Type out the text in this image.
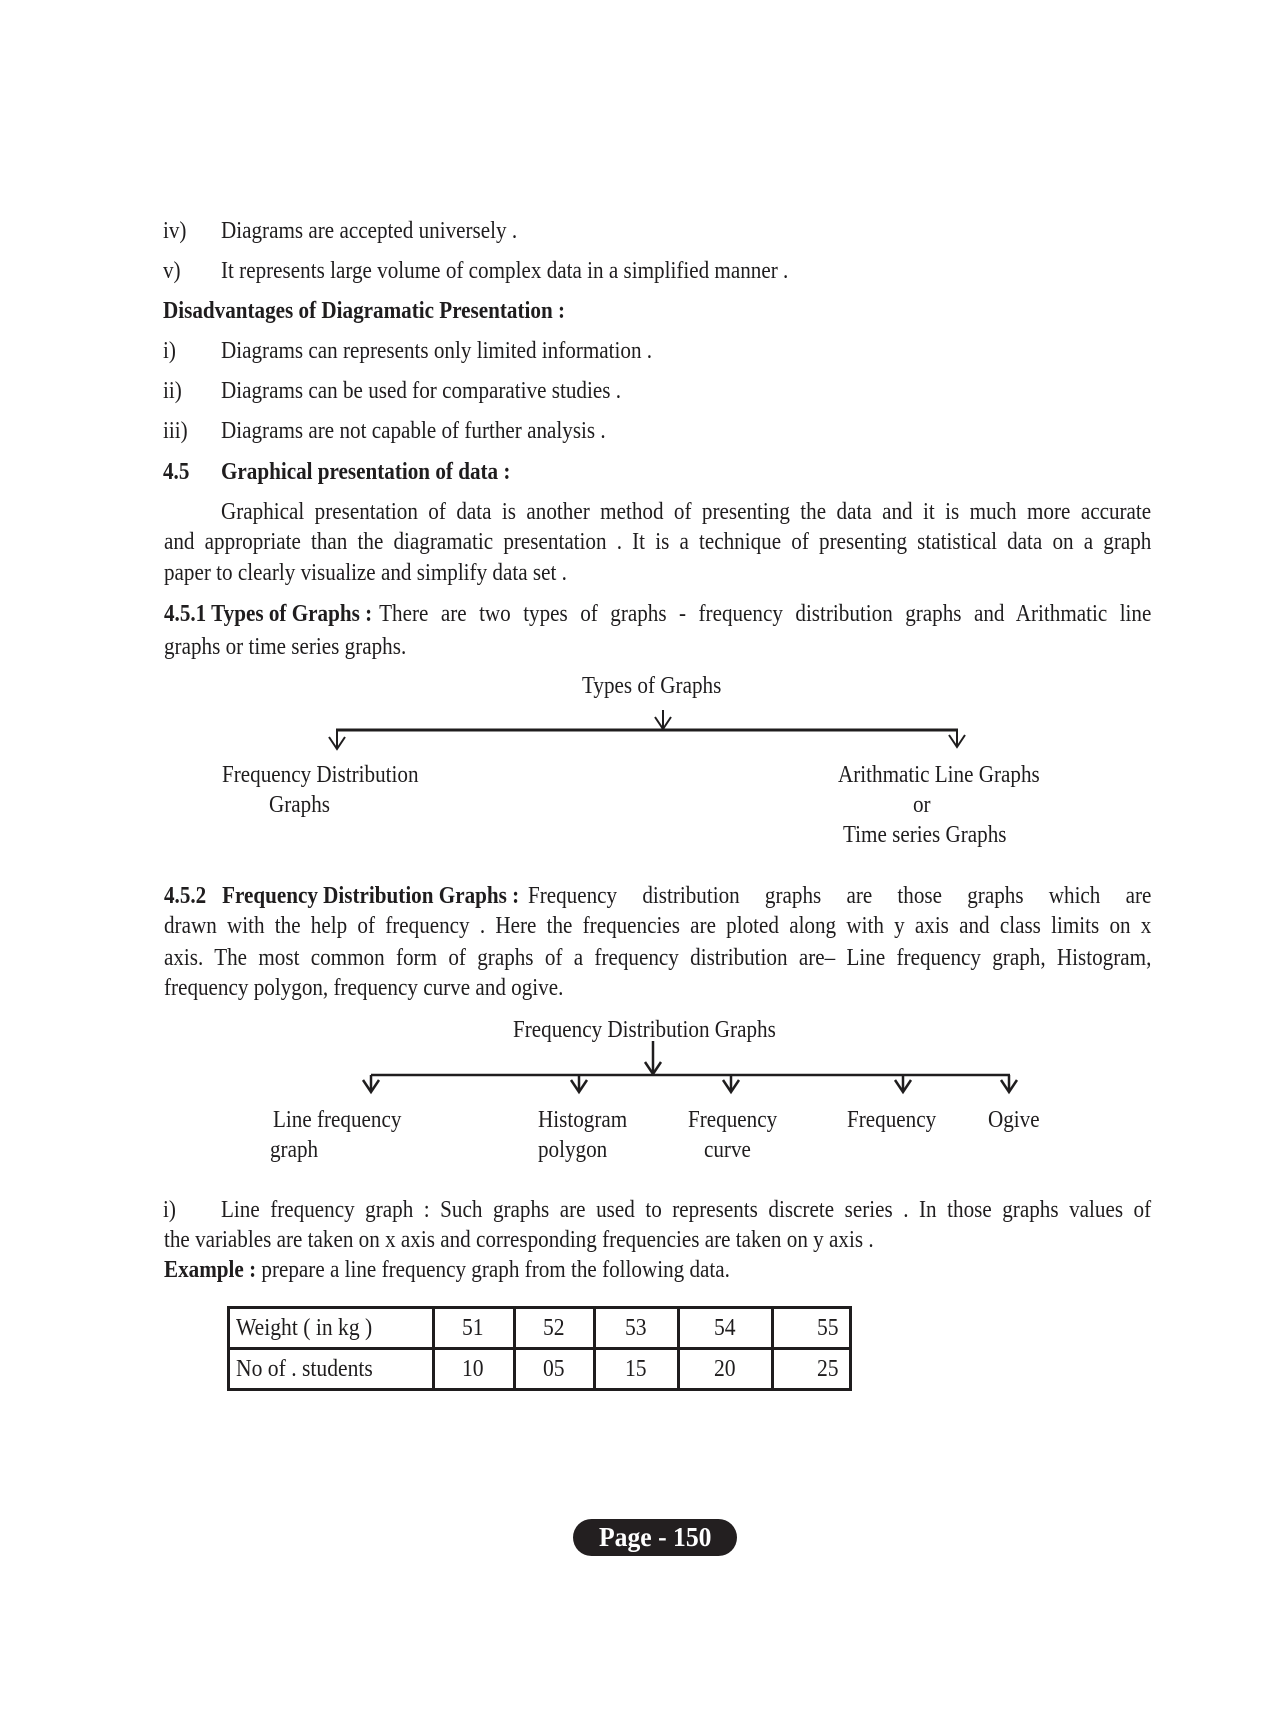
iv) Diagrams are accepted universely .
v) It represents large volume of complex data in a simplified manner .
Disadvantages of Diagramatic Presentation :
i) Diagrams can represents only limited information .
ii) Diagrams can be used for comparative studies .
iii) Diagrams are not capable of further analysis .
4.5 Graphical presentation of data :
Graphical presentation of data is another method of presenting the data and it is much more accurate
and appropriate than the diagramatic presentation . It is a technique of presenting statistical data on a graph
paper to clearly visualize and simplify data set .
4.5.1 Types of Graphs : There are two types of graphs - frequency distribution graphs and Arithmatic line
graphs or time series graphs.
Types of Graphs
Frequency Distribution
Graphs
Arithmatic Line Graphs
or
Time series Graphs
4.5.2   Frequency Distribution Graphs : Frequency distribution graphs are those graphs which are
drawn with the help of frequency . Here the frequencies are ploted along with y axis and class limits on x
axis. The most common form of graphs of a frequency distribution are– Line frequency graph, Histogram,
frequency polygon, frequency curve and ogive.
Frequency Distribution Graphs
Line frequency
graph
Histogram
polygon
Frequency
curve
Frequency Ogive
i) Line frequency graph : Such graphs are used to represents discrete series . In those graphs values of
the variables are taken on x axis and corresponding frequencies are taken on y axis .
Example : prepare a line frequency graph from the following data.
Weight ( in kg )	51	52	53	54	55
No of . students	10	05	15	20	25
Page - 150
